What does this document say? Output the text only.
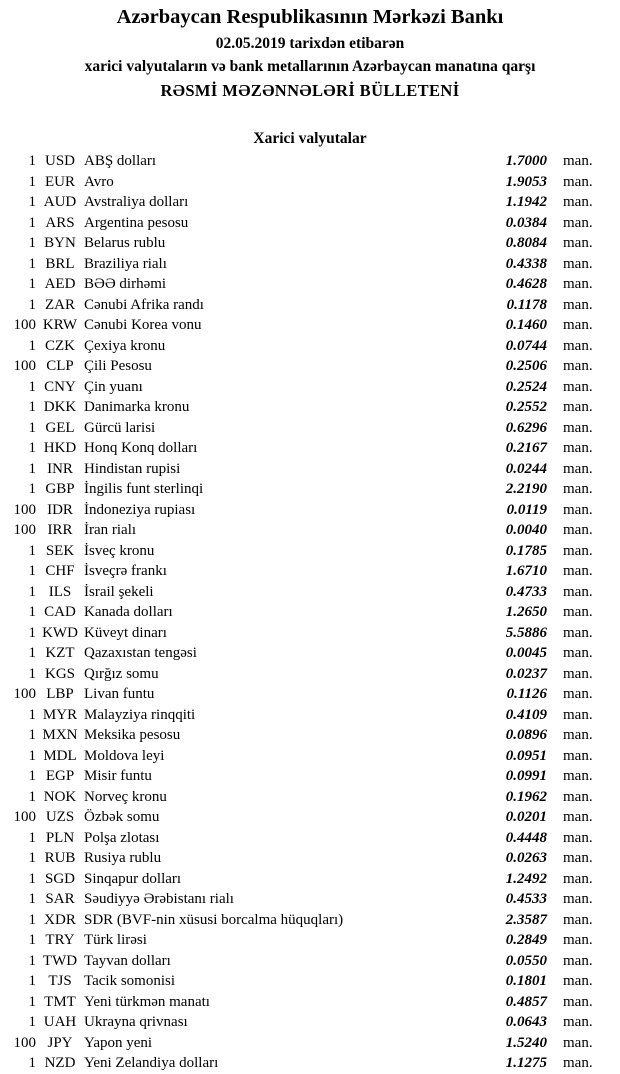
Azərbaycan Respublikasının Mərkəzi Bankı
02.05.2019 tarixdən etibarən
xarici valyutaların və bank metallarının Azərbaycan manatına qarşı
RƏSMİ MƏZƏNNƏLƏRİ BÜLLETENİ
Xarici valyutalar
1 USD ABŞ dolları	1.7000	man.
1 EUR Avro	1.9053	man.
1 AUD Avstraliya dolları	1.1942	man.
1 ARS Argentina pesosu	0.0384	man.
1 BYN Belarus rublu	0.8084	man.
1 BRL Braziliya rialı	0.4338	man.
1 AED BƏƏ dirhəmi	0.4628	man.
1 ZAR Cənubi Afrika randı	0.1178	man.
100 KRW Cənubi Korea vonu	0.1460	man.
1 CZK Çexiya kronu	0.0744	man.
100 CLP Çili Pesosu	0.2506	man.
1 CNY Çin yuanı	0.2524	man.
1 DKK Danimarka kronu	0.2552	man.
1 GEL Gürcü larisi	0.6296	man.
1 HKD Honq Konq dolları	0.2167	man.
1 INR Hindistan rupisi	0.0244	man.
1 GBP İngilis funt sterlinqi	2.2190	man.
100 IDR İndoneziya rupiası	0.0119	man.
100 IRR İran rialı	0.0040	man.
1 SEK İsveç kronu	0.1785	man.
1 CHF İsveçrə frankı	1.6710	man.
1 ILS İsrail şekeli	0.4733	man.
1 CAD Kanada dolları	1.2650	man.
1 KWD Küveyt dinarı	5.5886	man.
1 KZT Qazaxıstan tengəsi	0.0045	man.
1 KGS Qırğız somu	0.0237	man.
100 LBP Livan funtu	0.1126	man.
1 MYR Malayziya rinqqiti	0.4109	man.
1 MXN Meksika pesosu	0.0896	man.
1 MDL Moldova leyi	0.0951	man.
1 EGP Misir funtu	0.0991	man.
1 NOK Norveç kronu	0.1962	man.
100 UZS Özbək somu	0.0201	man.
1 PLN Polşa zlotası	0.4448	man.
1 RUB Rusiya rublu	0.0263	man.
1 SGD Sinqapur dolları	1.2492	man.
1 SAR Səudiyyə Ərəbistanı rialı	0.4533	man.
1 XDR SDR (BVF-nin xüsusi borcalma hüquqları)	2.3587	man.
1 TRY Türk lirəsi	0.2849	man.
1 TWD Tayvan dolları	0.0550	man.
1 TJS Tacik somonisi	0.1801	man.
1 TMT Yeni türkmən manatı	0.4857	man.
1 UAH Ukrayna qrivnası	0.0643	man.
100 JPY Yapon yeni	1.5240	man.
1 NZD Yeni Zelandiya dolları	1.1275	man.
